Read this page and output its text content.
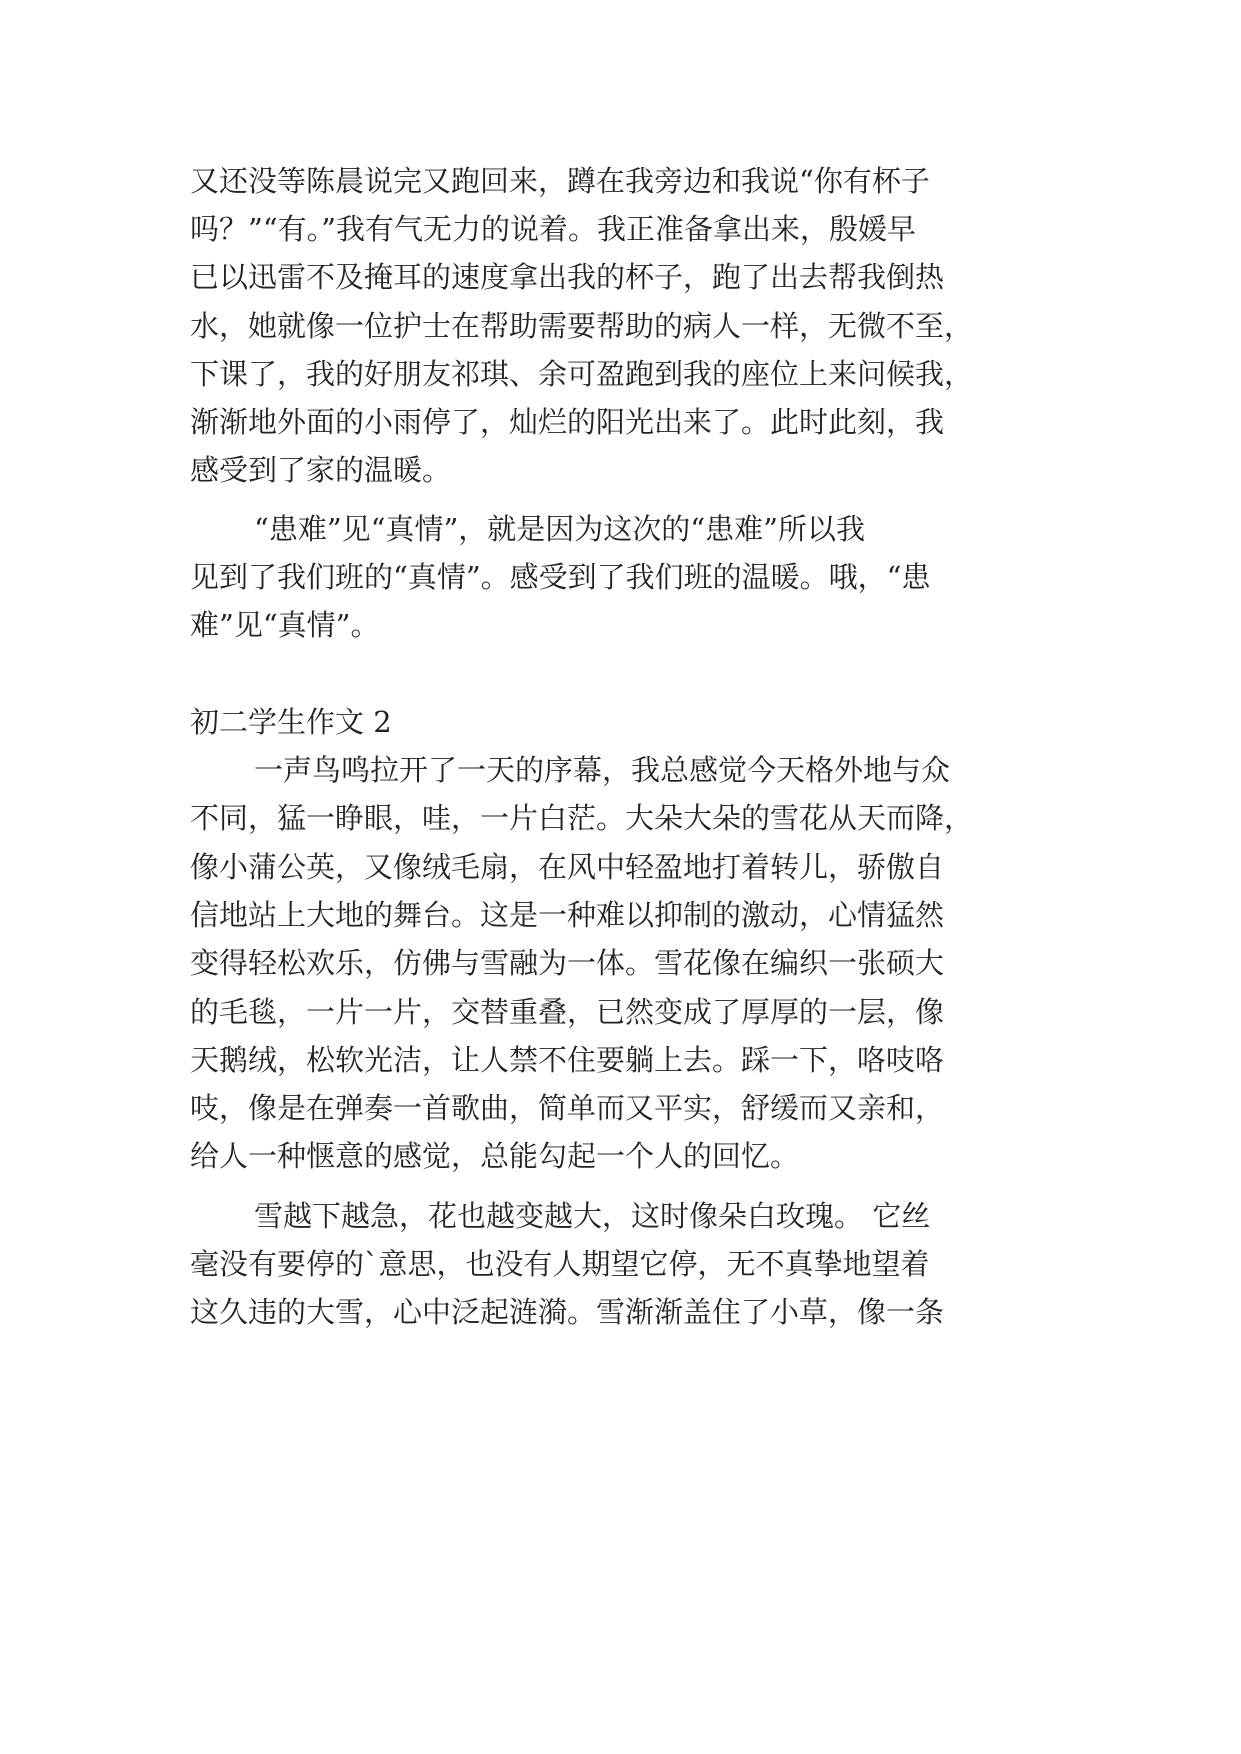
又还没等陈晨说完又跑回来，蹲在我旁边和我说“你有杯子

吗？”“有。”我有气无力的说着。我正准备拿出来，殷媛早

已以迅雷不及掩耳的速度拿出我的杯子，跑了出去帮我倒热

水，她就像一位护士在帮助需要帮助的病人一样，无微不至，

下课了，我的好朋友祁琪、余可盈跑到我的座位上来问候我，

渐渐地外面的小雨停了，灿烂的阳光出来了。此时此刻，我

感受到了家的温暖。

“患难”见“真情”，就是因为这次的“患难”所以我

见到了我们班的“真情”。感受到了我们班的温暖。哦，“患

难”见“真情”。

初二学生作文 2

一声鸟鸣拉开了一天的序幕，我总感觉今天格外地与众

不同，猛一睁眼，哇，一片白茫。大朵大朵的雪花从天而降，

像小蒲公英，又像绒毛扇，在风中轻盈地打着转儿，骄傲自

信地站上大地的舞台。这是一种难以抑制的激动，心情猛然

变得轻松欢乐，仿佛与雪融为一体。雪花像在编织一张硕大

的毛毯，一片一片，交替重叠，已然变成了厚厚的一层，像

天鹅绒，松软光洁，让人禁不住要躺上去。踩一下，咯吱咯

吱，像是在弹奏一首歌曲，简单而又平实，舒缓而又亲和，

给人一种惬意的感觉，总能勾起一个人的回忆。

雪越下越急，花也越变越大，这时像朵白玫瑰。 它丝

毫没有要停的`意思，也没有人期望它停，无不真挚地望着

这久违的大雪，心中泛起涟漪。雪渐渐盖住了小草，像一条
